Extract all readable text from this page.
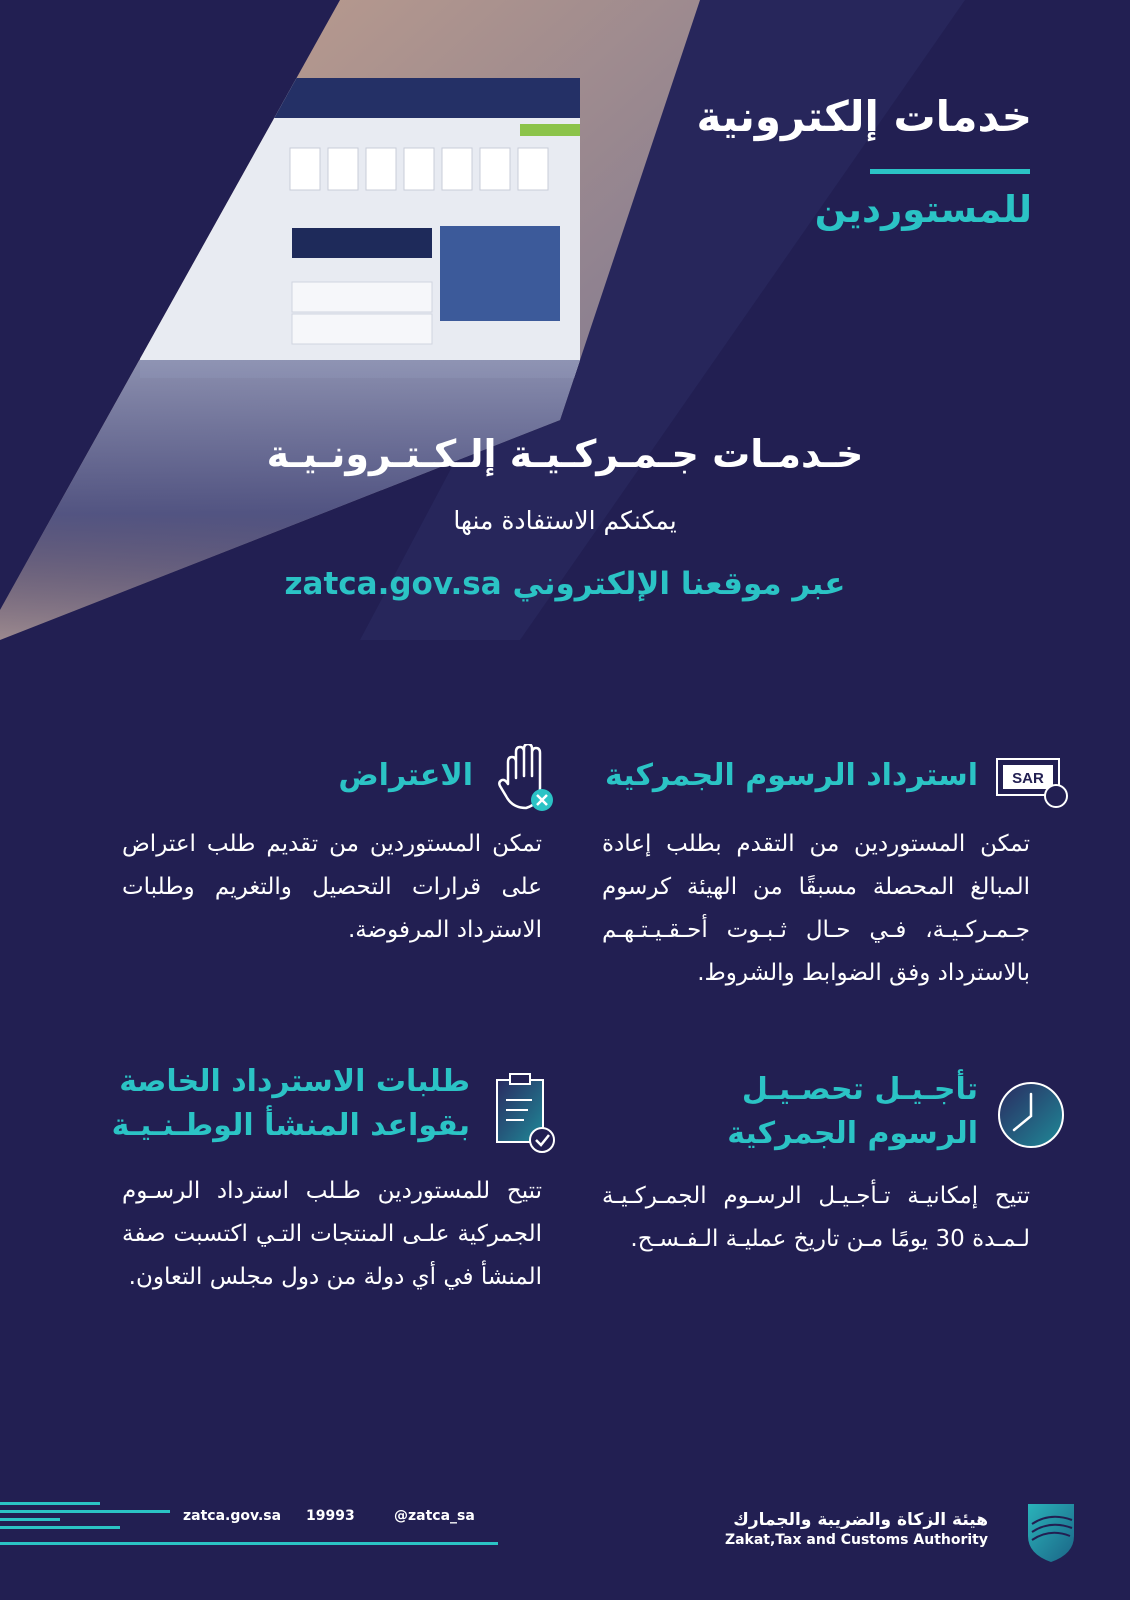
خدمات إلكترونية
للمستوردين
خـدمـات جـمـركـيـة إلـكـتـرونـيـة
يمكنكم الاستفادة منها
عبر موقعنا الإلكتروني zatca.gov.sa
SAR
استرداد الرسوم الجمركية
تمكن المستوردين من التقدم بطلب إعادة المبالغ المحصلة مسبقًا من الهيئة كرسوم جـمـركـيـة، فـي حـال ثـبـوت أحـقـيـتـهـم بالاسترداد وفق الضوابط والشروط.
الاعتراض
تمكن المستوردين من تقديم طلب اعتراض على قرارات التحصيل والتغريم وطلبات الاسترداد المرفوضة.
تأجـيـل تحصـيـل
الرسوم الجمركية
تتيح إمكانيـة تـأجـيـل الرسـوم الجمـركـيـة لـمـدة 30 يومًا مـن تاريخ عمليـة الـفـسـح.
طلبات الاسترداد الخاصة
بقواعد المنشأ الوطـنـيـة
تتيح للمستوردين طـلب استرداد الرسـوم الجمركية علـى المنتجات التـي اكتسبت صفة المنشأ في أي دولة من دول مجلس التعاون.
zatca.gov.sa 19993	@zatca_sa	هيئة الزكاة والضريبة والجمارك
Zakat,Tax and Customs Authority
